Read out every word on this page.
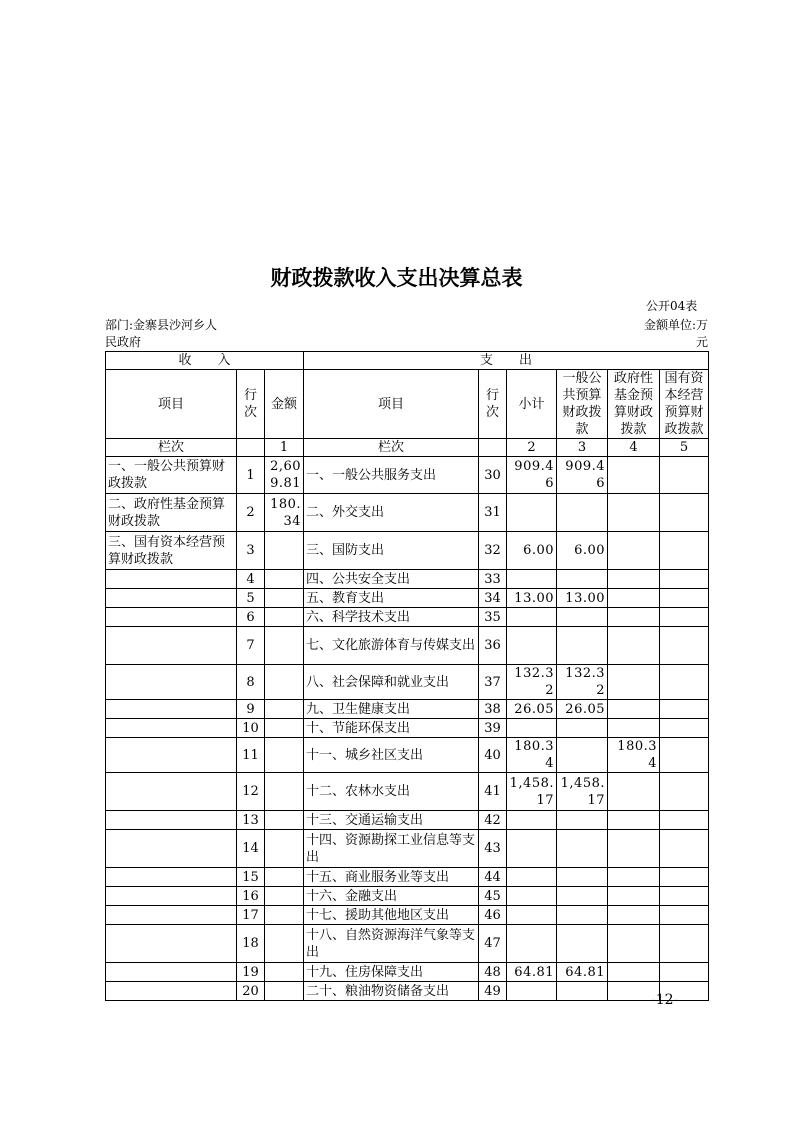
财政拨款收入支出决算总表
公开04表
部门:金寨县沙河乡人
民政府
金额单位:万
元
收　　入			支　　出					
项目	行次	金额	项目	行次	小计	一般公共预算财政拨款	政府性基金预算财政拨款	国有资本经营预算财政拨款
栏次		1	栏次		2	3	4	5
一、一般公共预算财政拨款	1	2,609.81	一、一般公共服务支出	30	909.46	909.46		
二、政府性基金预算财政拨款	2	180.34	二、外交支出	31				
三、国有资本经营预算财政拨款	3		三、国防支出	32	6.00	6.00		
	4		四、公共安全支出	33				
	5		五、教育支出	34	13.00	13.00		
	6		六、科学技术支出	35				
	7		七、文化旅游体育与传媒支出	36				
	8		八、社会保障和就业支出	37	132.32	132.32		
	9		九、卫生健康支出	38	26.05	26.05		
	10		十、节能环保支出	39				
	11		十一、城乡社区支出	40	180.34		180.34	
	12		十二、农林水支出	41	1,458.17	1,458.17		
	13		十三、交通运输支出	42				
	14		十四、资源勘探工业信息等支出	43				
	15		十五、商业服务业等支出	44				
	16		十六、金融支出	45				
	17		十七、援助其他地区支出	46				
	18		十八、自然资源海洋气象等支出	47				
	19		十九、住房保障支出	48	64.81	64.81		
	20		二十、粮油物资储备支出	49				
-12-
